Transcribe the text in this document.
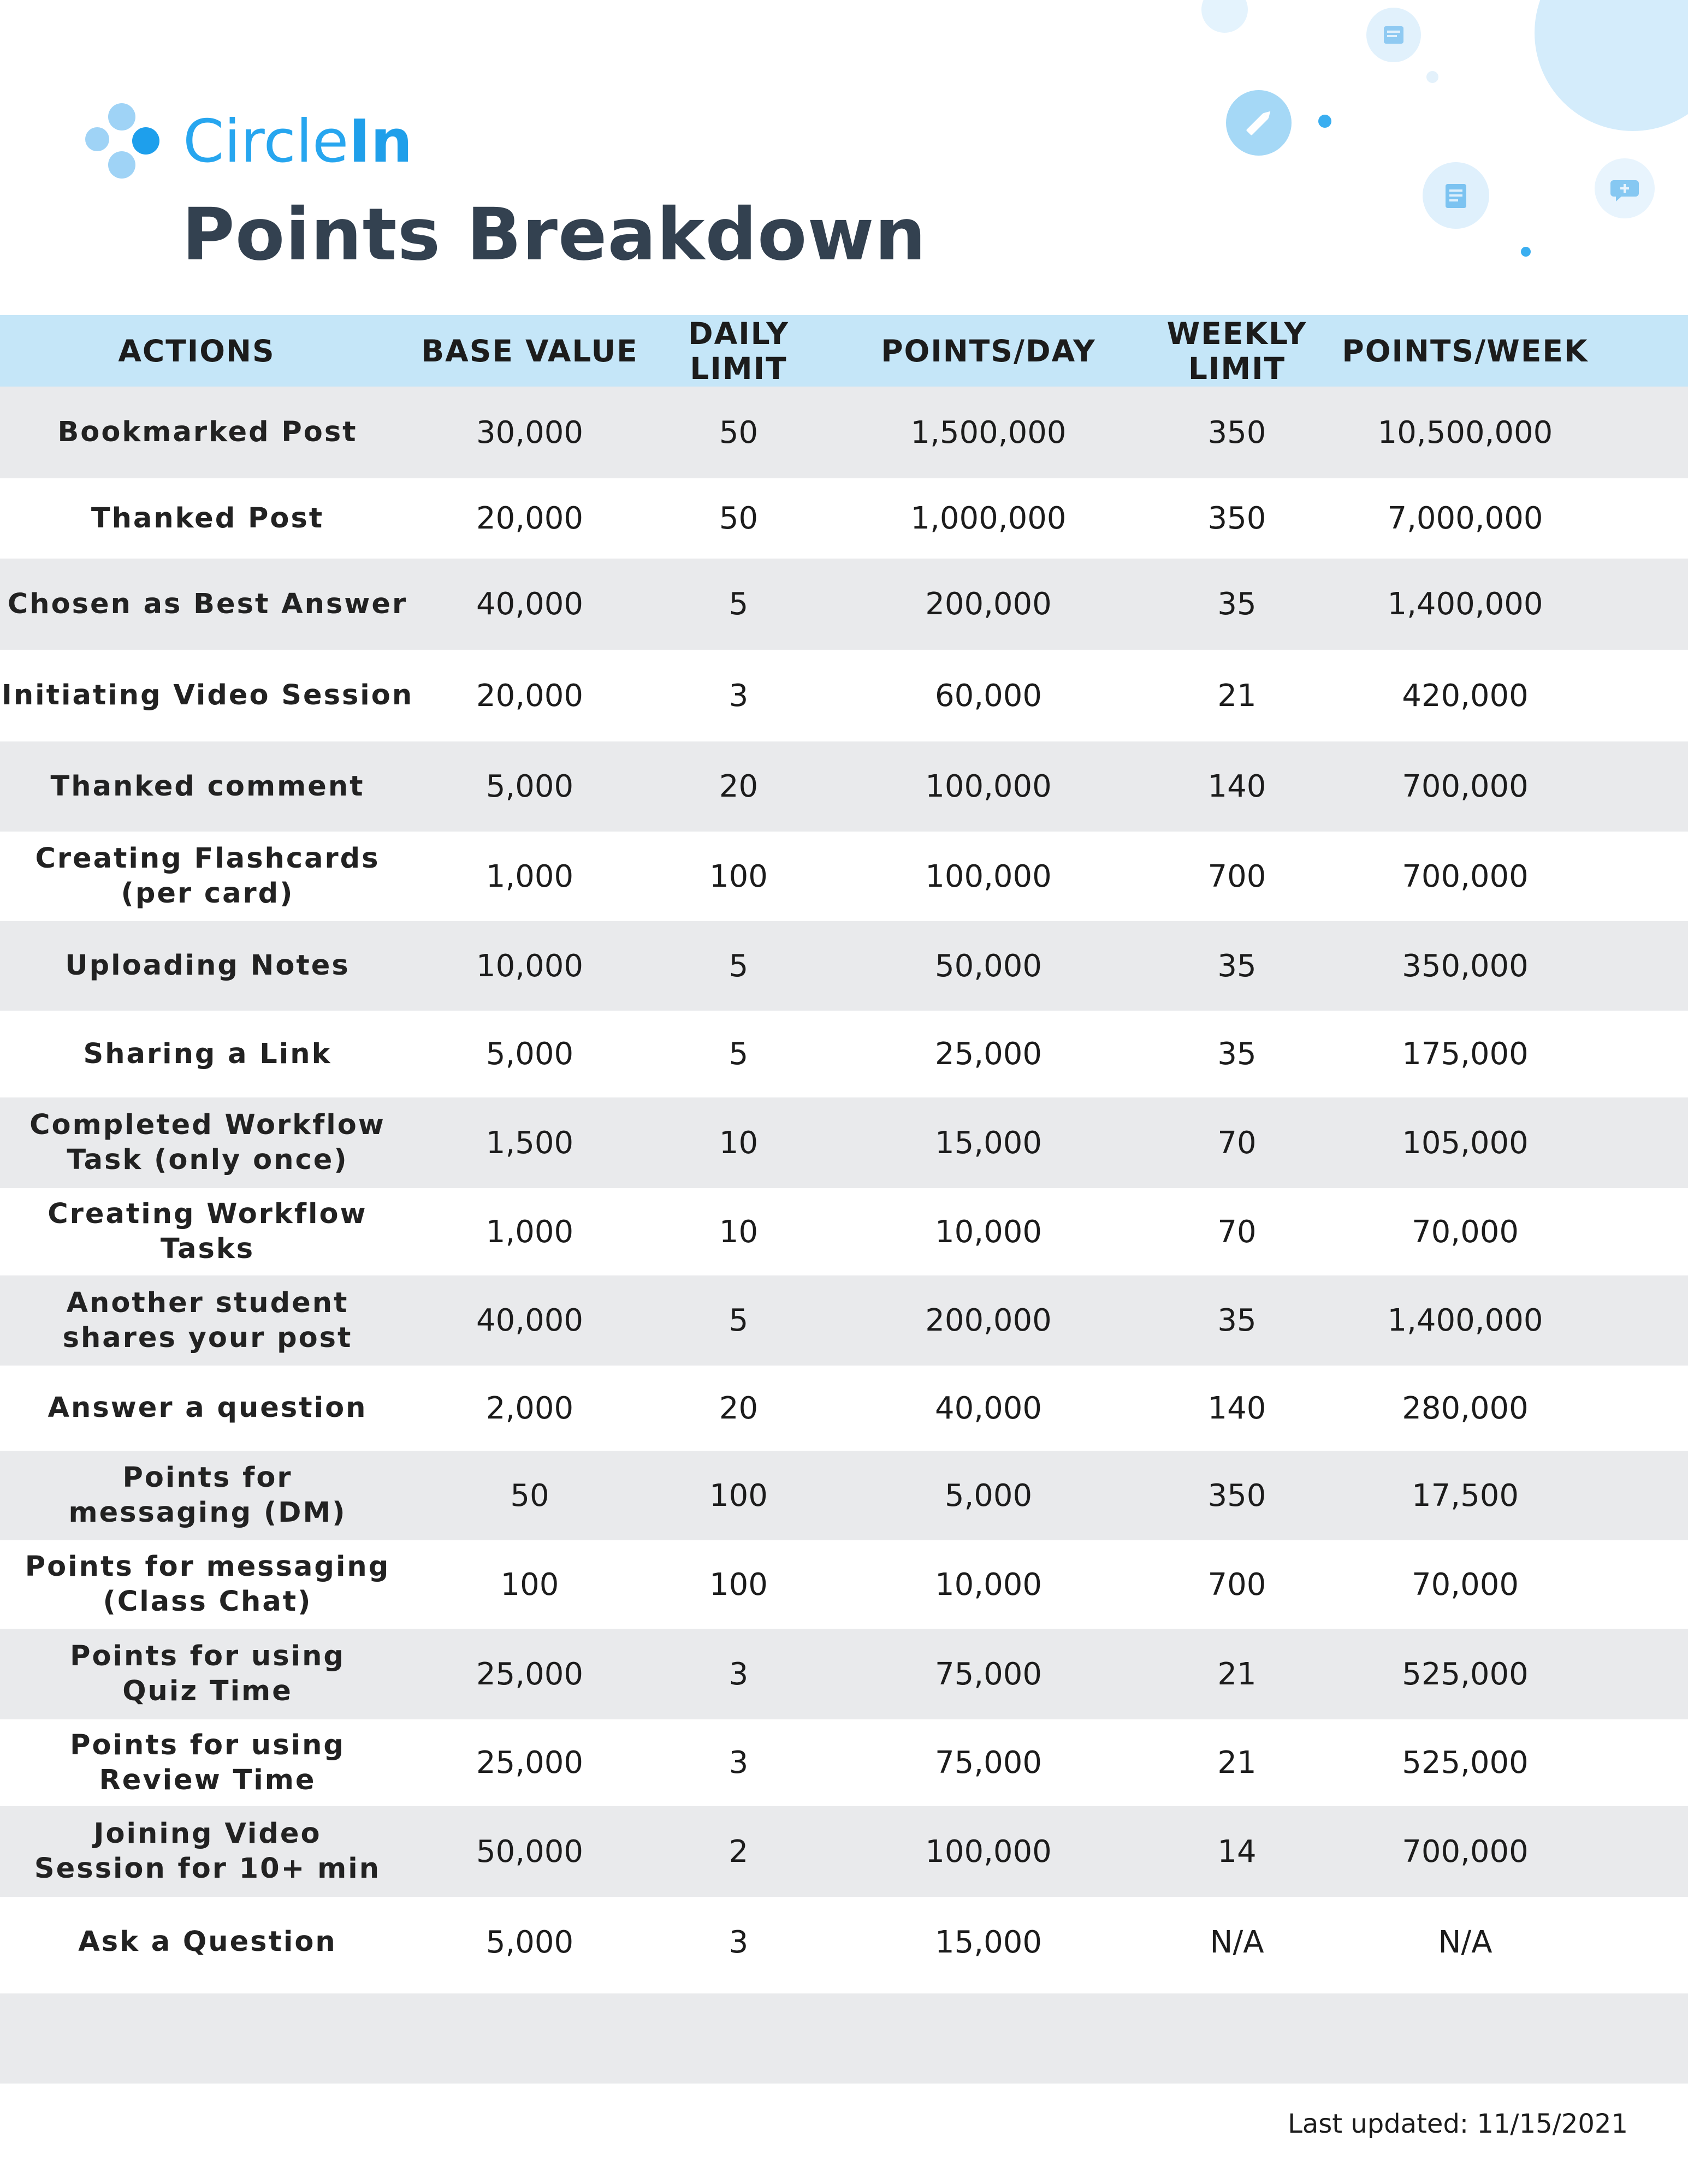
CircleIn
Points Breakdown
ACTIONS	BASE VALUE	DAILY LIMIT	POINTS/DAY	WEEKLY LIMIT	POINTS/WEEK
Bookmarked Post	30,000	50	1,500,000	350	10,500,000
Thanked Post	20,000	50	1,000,000	350	7,000,000
Chosen as Best Answer	40,000	5	200,000	35	1,400,000
Initiating Video Session	20,000	3	60,000	21	420,000
Thanked comment	5,000	20	100,000	140	700,000
Creating Flashcards
(per card)	1,000	100	100,000	700	700,000
Uploading Notes	10,000	5	50,000	35	350,000
Sharing a Link	5,000	5	25,000	35	175,000
Completed Workflow
Task (only once)	1,500	10	15,000	70	105,000
Creating Workflow Tasks	1,000	10	10,000	70	70,000
Another student
shares your post	40,000	5	200,000	35	1,400,000
Answer a question	2,000	20	40,000	140	280,000
Points for
messaging (DM)	50	100	5,000	350	17,500
Points for messaging
(Class Chat)	100	100	10,000	700	70,000
Points for using
Quiz Time	25,000	3	75,000	21	525,000
Points for using
Review Time	25,000	3	75,000	21	525,000
Joining Video
Session for 10+ min	50,000	2	100,000	14	700,000
Ask a Question	5,000	3	15,000	N/A	N/A
Last updated: 11/15/2021
